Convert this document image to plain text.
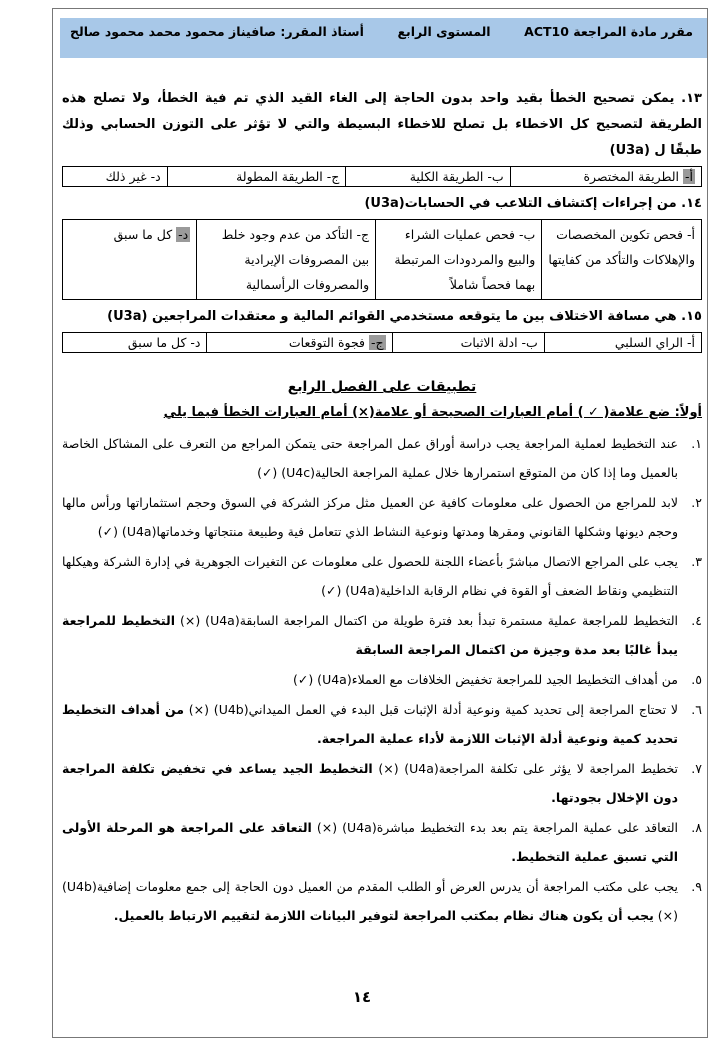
مقرر مادة المراجعة ACT10
المستوى الرابع
أستاذ المقرر: صافيناز محمود محمد محمود صالح
١٣. يمكن تصحيح الخطأ بقيد واحد بدون الحاجة إلى الغاء القيد الذي تم فية الخطأ، ولا تصلح هذه الطريقة لتصحيح كل الاخطاء بل تصلح للاخطاء البسيطة والتي لا تؤثر على التوزن الحسابي وذلك طبقًا ل (U3a)
أ- الطريقة المختصرة	ب- الطريقة الكلية	ج- الطريقة المطولة	د- غير ذلك
١٤. من إجراءات إكتشاف التلاعب في الحسابات(U3a)
أ- فحص تكوين المخصصات والإهلاكات والتأكد من كفايتها	ب- فحص عمليات الشراء والبيع والمردودات المرتبطة بهما فحصاً شاملاً	ج- التأكد من عدم وجود خلط بين المصروفات الإيرادية والمصروفات الرأسمالية	د- كل ما سبق
١٥. هي مسافة الاختلاف بين ما يتوقعه مستخدمي القوائم المالية و معتقدات المراجعين (U3a)
أ- الراي السلبي	ب- ادلة الاثبات	ج- فجوة التوقعات	د- كل ما سبق
تطبيقات على الفصل الرابع
أولاً: ضع علامة( ✓ ) أمام العبارات الصحيحة أو علامة(×) أمام العبارات الخطأ فيما يلي
١.
عند التخطيط لعملية المراجعة يجب دراسة أوراق عمل المراجعة حتى يتمكن المراجع من التعرف على المشاكل الخاصة بالعميل وما إذا كان من المتوقع استمرارها خلال عملية المراجعة الحالية(U4c) (✓)
٢.
لابد للمراجع من الحصول على معلومات كافية عن العميل مثل مركز الشركة في السوق وحجم استثماراتها ورأس مالها وحجم ديونها وشكلها القانوني ومقرها ومدتها ونوعية النشاط الذي تتعامل فية وطبيعة منتجاتها وخدماتها(U4a) (✓)
٣.
يجب على المراجع الاتصال مباشرً بأعضاء اللجنة للحصول على معلومات عن التغيرات الجوهرية في إدارة الشركة وهيكلها التنظيمي ونقاط الضعف أو القوة في نظام الرقابة الداخلية(U4a) (✓)
٤.
التخطيط للمراجعة عملية مستمرة تبدأ بعد فترة طويلة من اكتمال المراجعة السابقة(U4a) (×) التخطيط للمراجعة يبدأ غالبًا بعد مدة وجيزة من اكتمال المراجعة السابقة
٥.
من أهداف التخطيط الجيد للمراجعة تخفيض الخلافات مع العملاء(U4a) (✓)
٦.
لا تحتاج المراجعة إلى تحديد كمية ونوعية أدلة الإثبات قبل البدء في العمل الميداني(U4b) (×) من أهداف التخطيط تحديد كمية ونوعية أدلة الإثبات اللازمة لأداء عملية المراجعة.
٧.
تخطيط المراجعة لا يؤثر على تكلفة المراجعة(U4a) (×) التخطيط الجيد يساعد في تخفيض تكلفة المراجعة دون الإخلال بجودتها.
٨.
التعاقد على عملية المراجعة يتم بعد بدء التخطيط مباشرة(U4a) (×) التعاقد على المراجعة هو المرحلة الأولى التي تسبق عملية التخطيط.
٩.
يجب على مكتب المراجعة أن يدرس العرض أو الطلب المقدم من العميل دون الحاجة إلى جمع معلومات إضافية(U4b) (×) يجب أن يكون هناك نظام بمكتب المراجعة لتوفير البيانات اللازمة لتقييم الارتباط بالعميل.
١٤
